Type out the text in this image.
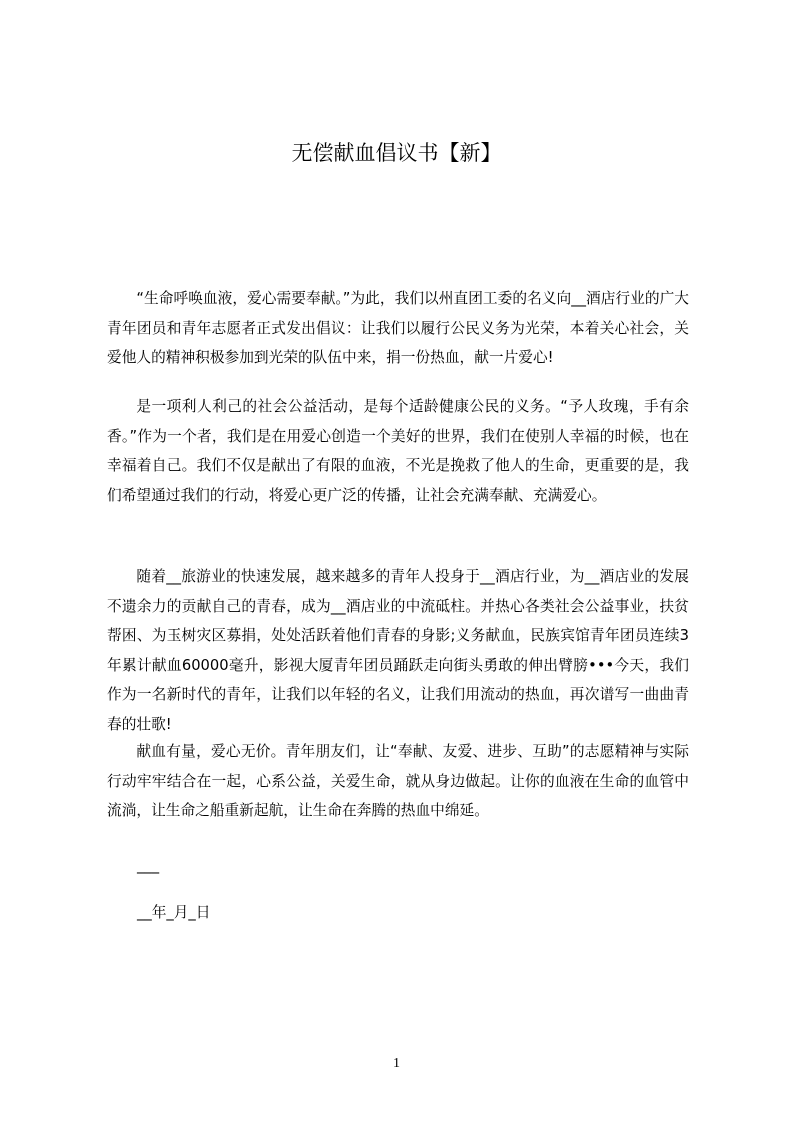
无偿献血倡议书【新】

“生命呼唤血液，爱心需要奉献。”为此，我们以州直团工委的名义向__酒店行业的广大青年团员和青年志愿者正式发出倡议：让我们以履行公民义务为光荣，本着关心社会，关爱他人的精神积极参加到光荣的队伍中来，捐一份热血，献一片爱心!

是一项利人利己的社会公益活动，是每个适龄健康公民的义务。“予人玫瑰，手有余香。”作为一个者，我们是在用爱心创造一个美好的世界，我们在使别人幸福的时候，也在幸福着自己。我们不仅是献出了有限的血液，不光是挽救了他人的生命，更重要的是，我们希望通过我们的行动，将爱心更广泛的传播，让社会充满奉献、充满爱心。

随着__旅游业的快速发展，越来越多的青年人投身于__酒店行业，为__酒店业的发展不遗余力的贡献自己的青春，成为__酒店业的中流砥柱。并热心各类社会公益事业，扶贫帮困、为玉树灾区募捐，处处活跃着他们青春的身影;义务献血，民族宾馆青年团员连续3年累计献血60000毫升，影视大厦青年团员踊跃走向街头勇敢的伸出臂膀•••今天，我们作为一名新时代的青年，让我们以年轻的名义，让我们用流动的热血，再次谱写一曲曲青春的壮歌!

献血有量，爱心无价。青年朋友们，让“奉献、友爱、进步、互助”的志愿精神与实际行动牢牢结合在一起，心系公益，关爱生命，就从身边做起。让你的血液在生命的血管中流淌，让生命之船重新起航，让生命在奔腾的热血中绵延。

___
__年_月_日
1
